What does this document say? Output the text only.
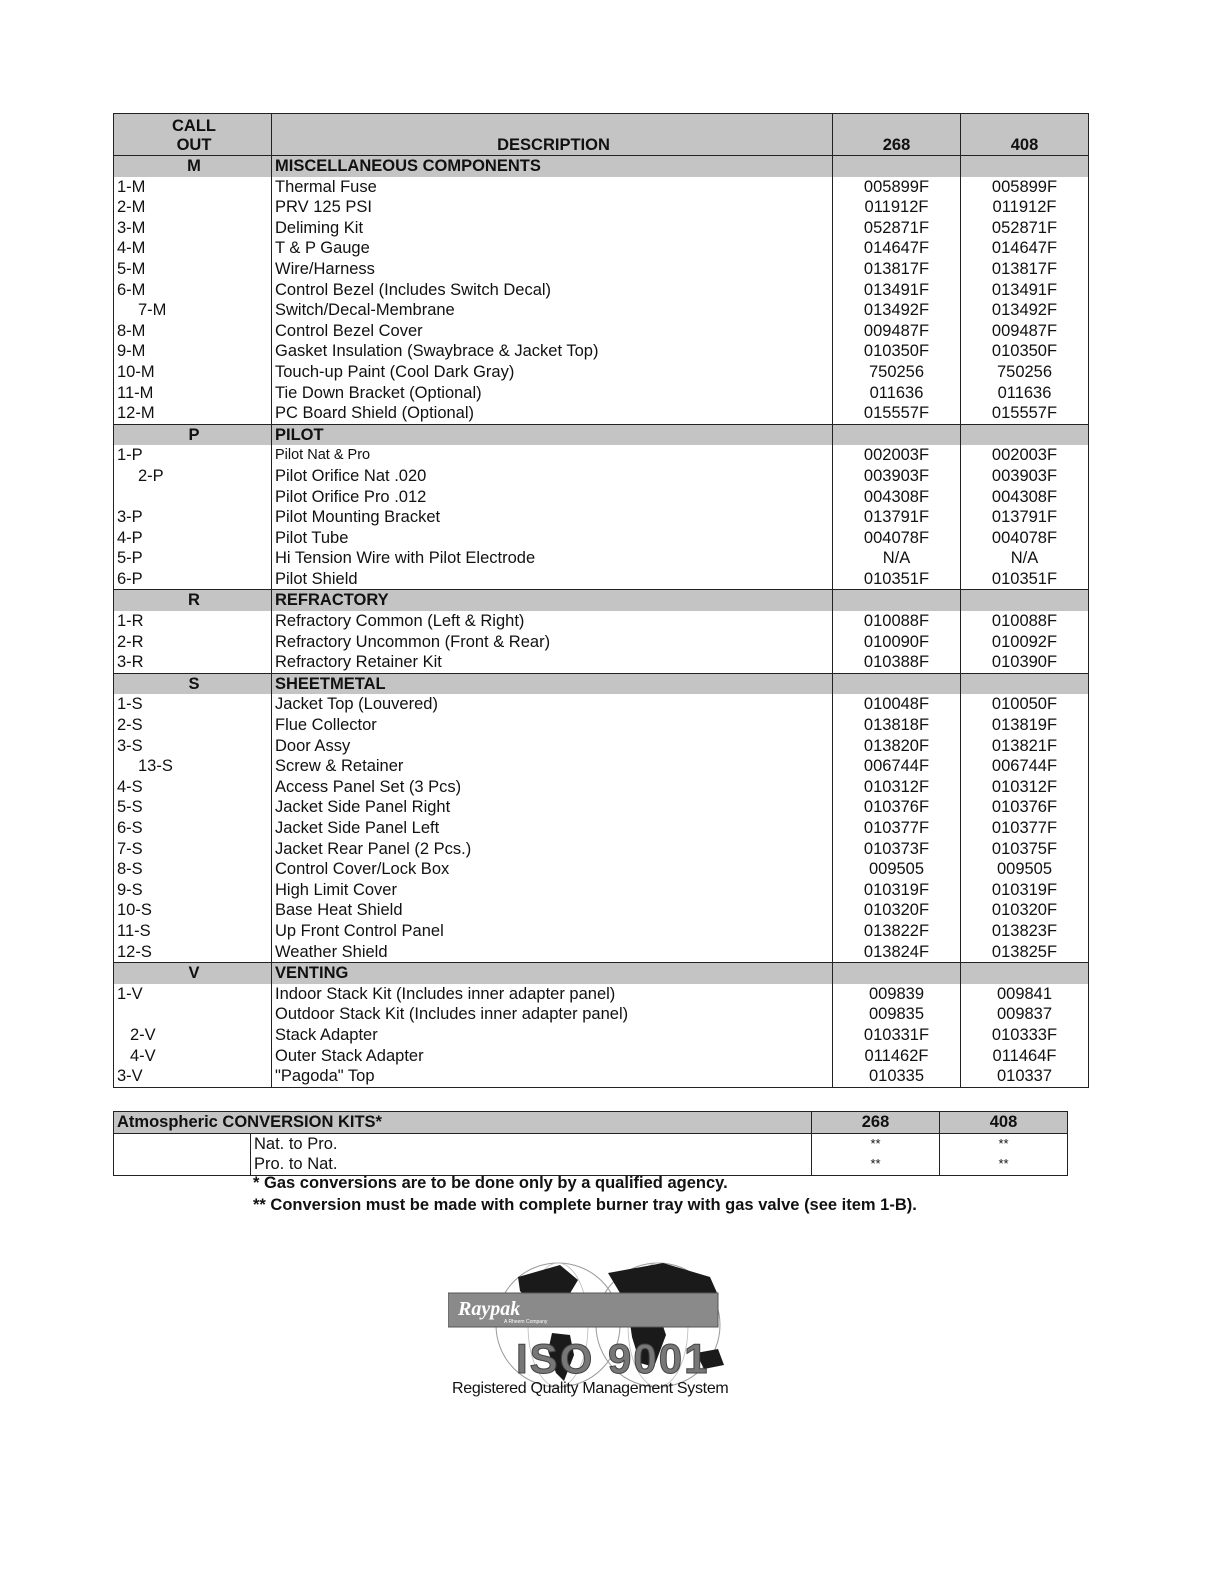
CALL
OUT	DESCRIPTION	268	408
M	MISCELLANEOUS COMPONENTS		
1-M	Thermal Fuse	005899F	005899F
2-M	PRV 125 PSI	011912F	011912F
3-M	Deliming Kit	052871F	052871F
4-M	T & P Gauge	014647F	014647F
5-M	Wire/Harness	013817F	013817F
6-M	Control Bezel (Includes Switch Decal)	013491F	013491F
7-M	Switch/Decal-Membrane	013492F	013492F
8-M	Control Bezel Cover	009487F	009487F
9-M	Gasket Insulation (Swaybrace & Jacket Top)	010350F	010350F
10-M	Touch-up Paint (Cool Dark Gray)	750256	750256
11-M	Tie Down Bracket (Optional)	011636	011636
12-M	PC Board Shield (Optional)	015557F	015557F
P	PILOT		
1-P	Pilot Nat & Pro	002003F	002003F
2-P	Pilot Orifice Nat .020	003903F	003903F
	Pilot Orifice Pro .012	004308F	004308F
3-P	Pilot Mounting Bracket	013791F	013791F
4-P	Pilot Tube	004078F	004078F
5-P	Hi Tension Wire with Pilot Electrode	N/A	N/A
6-P	Pilot Shield	010351F	010351F
R	REFRACTORY		
1-R	Refractory Common (Left & Right)	010088F	010088F
2-R	Refractory Uncommon (Front & Rear)	010090F	010092F
3-R	Refractory Retainer Kit	010388F	010390F
S	SHEETMETAL		
1-S	Jacket Top (Louvered)	010048F	010050F
2-S	Flue Collector	013818F	013819F
3-S	Door Assy	013820F	013821F
13-S	Screw & Retainer	006744F	006744F
4-S	Access Panel Set (3 Pcs)	010312F	010312F
5-S	Jacket Side Panel Right	010376F	010376F
6-S	Jacket Side Panel Left	010377F	010377F
7-S	Jacket Rear Panel (2 Pcs.)	010373F	010375F
8-S	Control Cover/Lock Box	009505	009505
9-S	High Limit Cover	010319F	010319F
10-S	Base Heat Shield	010320F	010320F
11-S	Up Front Control Panel	013822F	013823F
12-S	Weather Shield	013824F	013825F
V	VENTING		
1-V	Indoor Stack Kit (Includes inner adapter panel)	009839	009841
	Outdoor Stack Kit (Includes inner adapter panel)	009835	009837
2-V	Stack Adapter	010331F	010333F
4-V	Outer Stack Adapter	011462F	011464F
3-V	"Pagoda" Top	010335	010337
Atmospheric CONVERSION KITS*		268	408
	Nat. to Pro.	**	**
	Pro. to Nat.	**	**
* Gas conversions are to be done only by a qualified agency.
** Conversion must be made with complete burner tray with gas valve (see item 1-B).
Raypak
A Rheem Company
ISO 9001
Registered Quality Management System
